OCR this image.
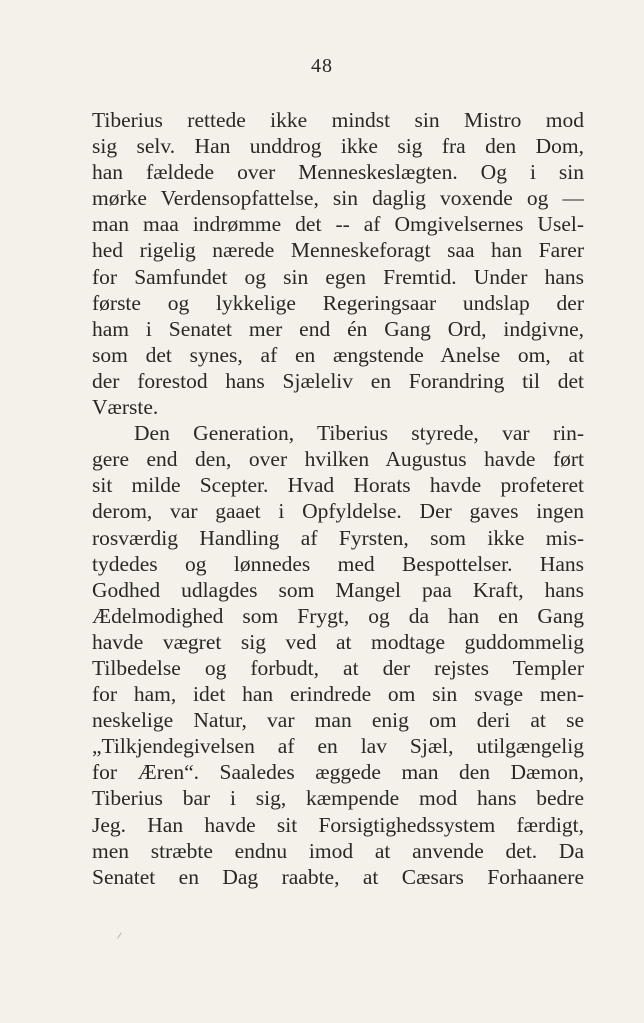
48
Tiberius rettede ikke mindst sin Mistro mod
sig selv. Han unddrog ikke sig fra den Dom,
han fældede over Menneskeslægten. Og i sin
mørke Verdensopfattelse, sin daglig voxende og —
man maa indrømme det -- af Omgivelsernes Usel-
hed rigelig nærede Menneskeforagt saa han Farer
for Samfundet og sin egen Fremtid. Under hans
første og lykkelige Regeringsaar undslap der
ham i Senatet mer end én Gang Ord, indgivne,
som det synes, af en ængstende Anelse om, at
der forestod hans Sjæleliv en Forandring til det
Værste.
Den Generation, Tiberius styrede, var rin-
gere end den, over hvilken Augustus havde ført
sit milde Scepter. Hvad Horats havde profeteret
derom, var gaaet i Opfyldelse. Der gaves ingen
rosværdig Handling af Fyrsten, som ikke mis-
tydedes og lønnedes med Bespottelser. Hans
Godhed udlagdes som Mangel paa Kraft, hans
Ædelmodighed som Frygt, og da han en Gang
havde vægret sig ved at modtage guddommelig
Tilbedelse og forbudt, at der rejstes Templer
for ham, idet han erindrede om sin svage men-
neskelige Natur, var man enig om deri at se
„Tilkjendegivelsen af en lav Sjæl, utilgængelig
for Æren“. Saaledes æggede man den Dæmon,
Tiberius bar i sig, kæmpende mod hans bedre
Jeg. Han havde sit Forsigtighedssystem færdigt,
men stræbte endnu imod at anvende det. Da
Senatet en Dag raabte, at Cæsars Forhaanere
